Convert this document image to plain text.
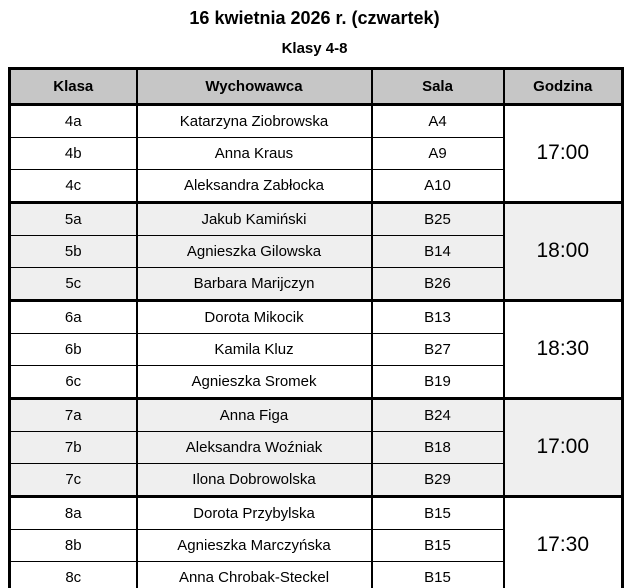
16 kwietnia 2026 r. (czwartek)
Klasy 4-8
Klasa	Wychowawca	Sala	Godzina
4a	Katarzyna Ziobrowska	A4	17:00
4b	Anna Kraus	A9	
4c	Aleksandra Zabłocka	A10	
5a	Jakub Kamiński	B25	18:00
5b	Agnieszka Gilowska	B14	
5c	Barbara Marijczyn	B26	
6a	Dorota Mikocik	B13	18:30
6b	Kamila Kluz	B27	
6c	Agnieszka Sromek	B19	
7a	Anna Figa	B24	17:00
7b	Aleksandra Woźniak	B18	
7c	Ilona Dobrowolska	B29	
8a	Dorota Przybylska	B15	17:30
8b	Agnieszka Marczyńska	B15	
8c	Anna Chrobak-Steckel	B15	
